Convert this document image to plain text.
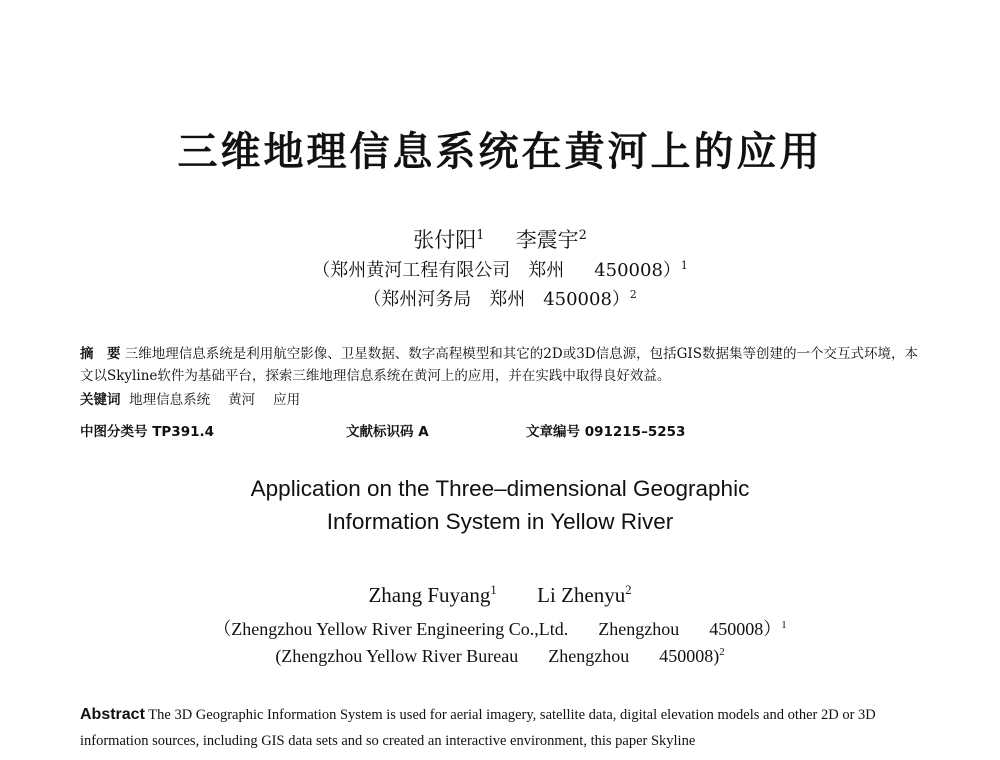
三维地理信息系统在黄河上的应用
张付阳$^1$ 李震宇$^2$
（郑州黄河工程有限公司 郑州 450008）$^1$
（郑州河务局 郑州 450008）$^2$
摘　要 三维地理信息系统是利用航空影像、卫星数据、数字高程模型和其它的2D或3D信息源，包括GIS数据集等创建的一个交互式环境，本文以Skyline软件为基础平台，探索三维地理信息系统在黄河上的应用，并在实践中取得良好效益。
关键词 地理信息系统 黄河 应用
中图分类号 TP391.4	文献标识码 A	文章编号 091215–5253
Application on the Three–dimensional Geographic
Information System in Yellow River
Zhang Fuyang$^1$ Li Zhenyu$^2$
（Zhengzhou Yellow River Engineering Co.,Ltd. Zhengzhou 450008）$^1$
(Zhengzhou Yellow River Bureau Zhengzhou 450008)$^2$
Abstract The 3D Geographic Information System is used for aerial imagery, satellite data, digital elevation models and other 2D or 3D information sources, including GIS data sets and so created an interactive environment, this paper Skyline
